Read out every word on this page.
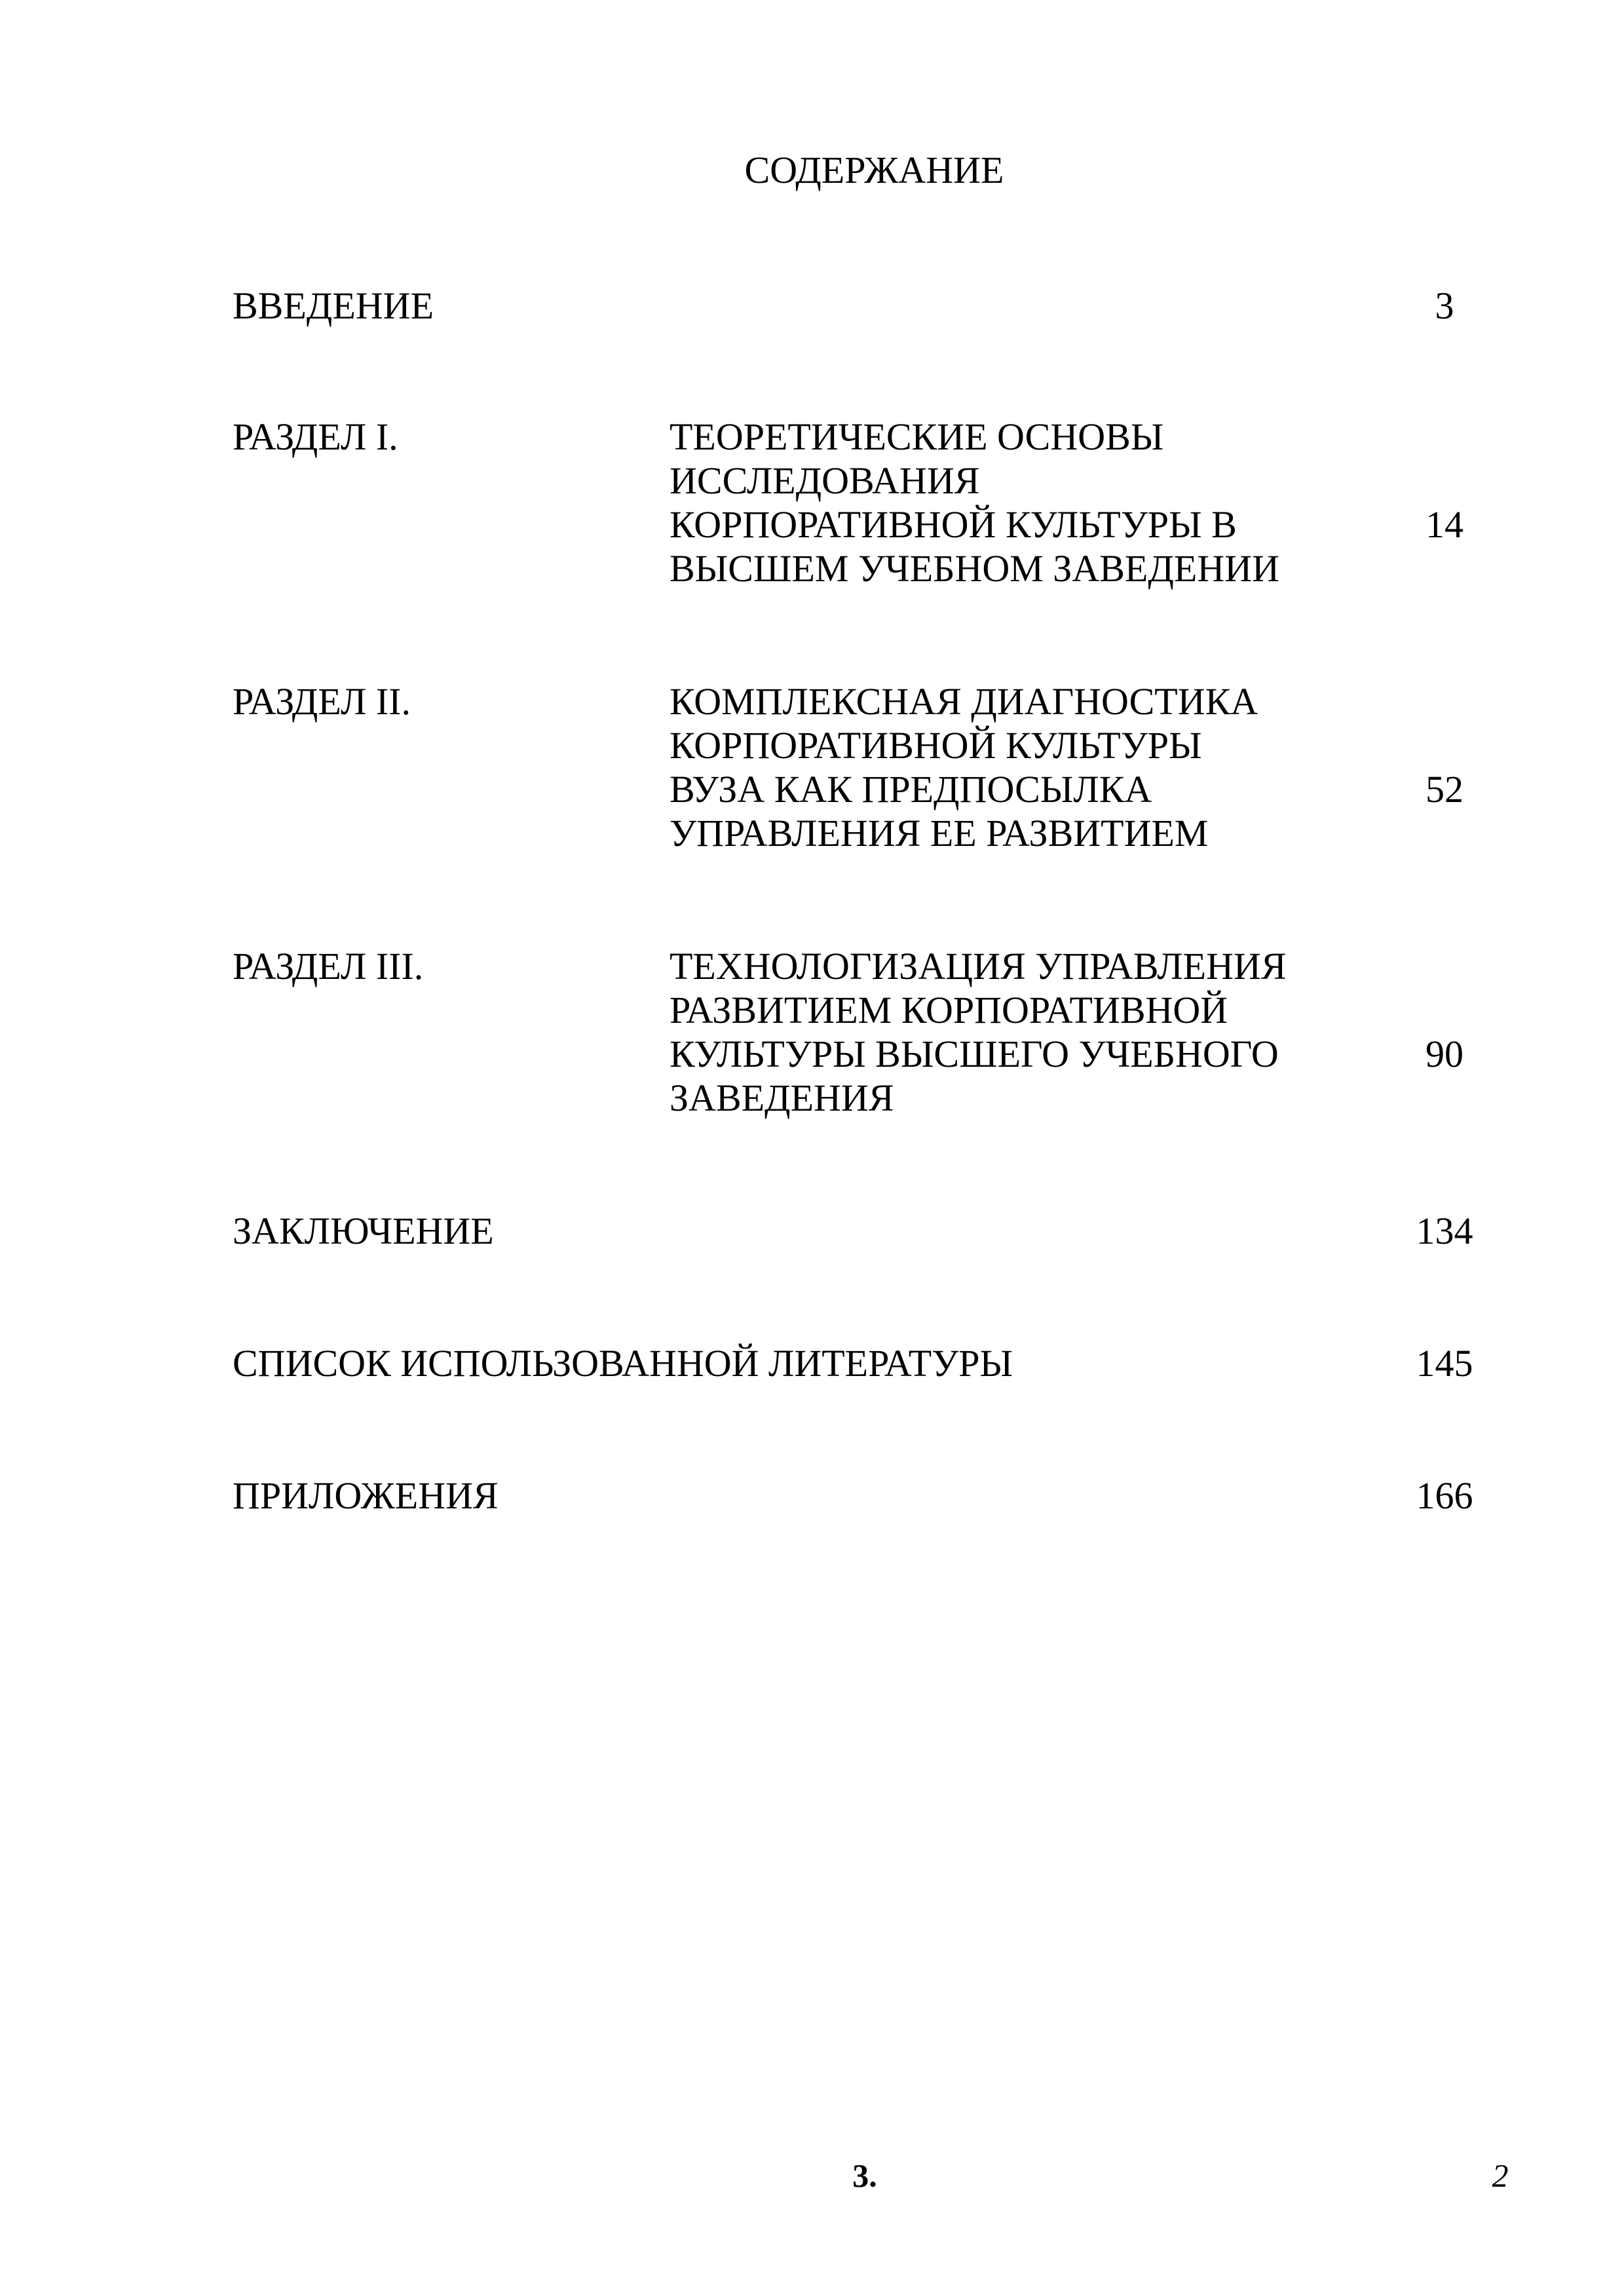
СОДЕРЖАНИЕ
ВВЕДЕНИЕ	3
РАЗДЕЛ I.	ТЕОРЕТИЧЕСКИЕ ОСНОВЫ
ИССЛЕДОВАНИЯ
КОРПОРАТИВНОЙ КУЛЬТУРЫ В
ВЫСШЕМ УЧЕБНОМ ЗАВЕДЕНИИ
14
РАЗДЕЛ II.	КОМПЛЕКСНАЯ ДИАГНОСТИКА
КОРПОРАТИВНОЙ КУЛЬТУРЫ
ВУЗА КАК ПРЕДПОСЫЛКА
УПРАВЛЕНИЯ ЕЕ РАЗВИТИЕМ
52
РАЗДЕЛ III.	ТЕХНОЛОГИЗАЦИЯ УПРАВЛЕНИЯ
РАЗВИТИЕМ КОРПОРАТИВНОЙ
КУЛЬТУРЫ ВЫСШЕГО УЧЕБНОГО
ЗАВЕДЕНИЯ
90
ЗАКЛЮЧЕНИЕ	134
СПИСОК ИСПОЛЬЗОВАННОЙ ЛИТЕРАТУРЫ	145
ПРИЛОЖЕНИЯ	166
3.	2
